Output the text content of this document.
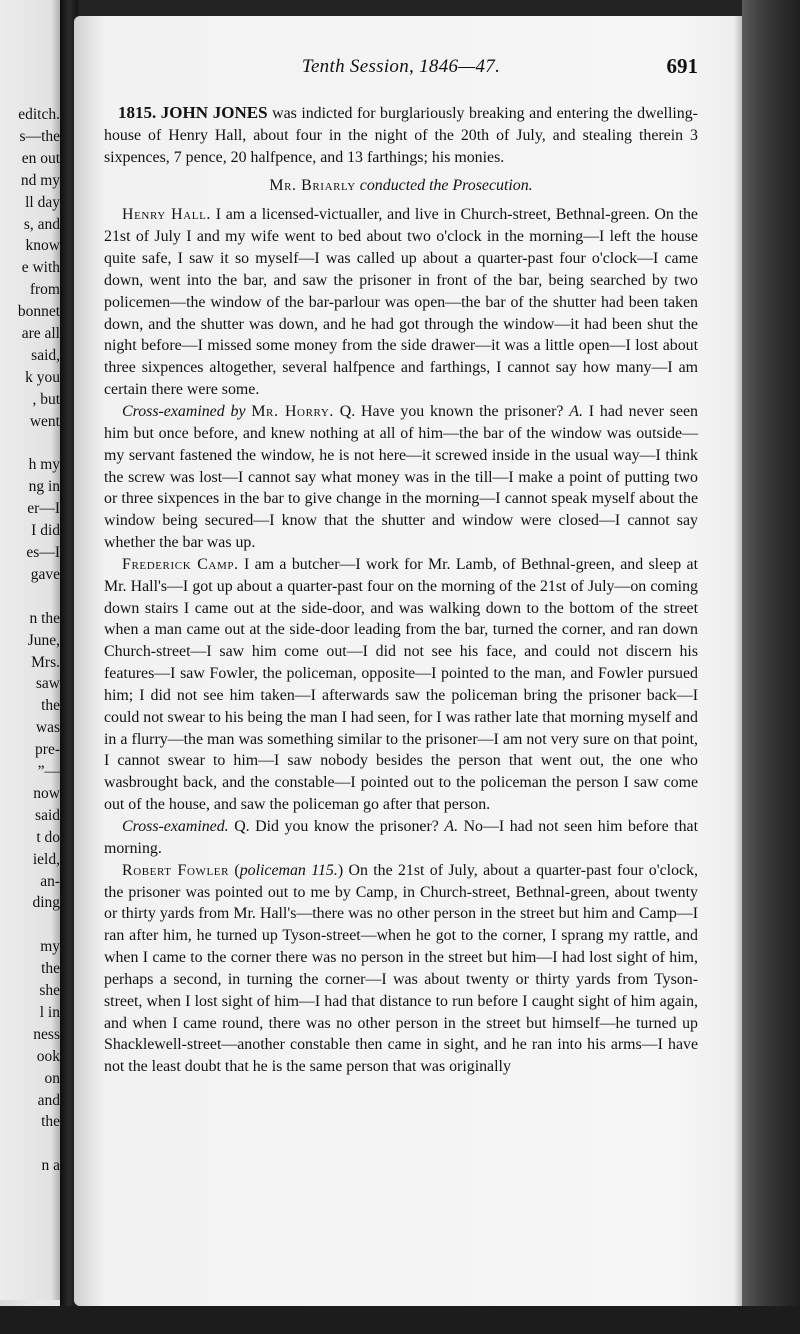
editch.
s—the
en out
nd my
ll day
s, and
know
e with
from
bonnet
are all
said,
k you
, but
went
h my
ng in
er—I
I did
es—I
gave
n the
June,
Mrs.
saw
the
was
pre-
”—
now
said
t do
ield,
an-
ding
my
the
she
l in
ness
ook
on
and
the
n a
Tenth Session, 1846—47.	691

1815. JOHN JONES was indicted for burglariously breaking and entering the dwelling-house of Henry Hall, about four in the night of the 20th of July, and stealing therein 3 sixpences, 7 pence, 20 halfpence, and 13 farthings; his monies.

Mr. Briarly conducted the Prosecution.

Henry Hall. I am a licensed-victualler, and live in Church-street, Bethnal-green. On the 21st of July I and my wife went to bed about two o'clock in the morning—I left the house quite safe, I saw it so myself—I was called up about a quarter-past four o'clock—I came down, went into the bar, and saw the prisoner in front of the bar, being searched by two policemen—the window of the bar-parlour was open—the bar of the shutter had been taken down, and the shutter was down, and he had got through the window—it had been shut the night before—I missed some money from the side drawer—it was a little open—I lost about three sixpences altogether, several halfpence and farthings, I cannot say how many—I am certain there were some.

Cross-examined by Mr. Horry. Q. Have you known the prisoner? A. I had never seen him but once before, and knew nothing at all of him—the bar of the window was outside—my servant fastened the window, he is not here—it screwed inside in the usual way—I think the screw was lost—I cannot say what money was in the till—I make a point of putting two or three sixpences in the bar to give change in the morning—I cannot speak myself about the window being secured—I know that the shutter and window were closed—I cannot say whether the bar was up.

Frederick Camp. I am a butcher—I work for Mr. Lamb, of Bethnal-green, and sleep at Mr. Hall's—I got up about a quarter-past four on the morning of the 21st of July—on coming down stairs I came out at the side-door, and was walking down to the bottom of the street when a man came out at the side-door leading from the bar, turned the corner, and ran down Church-street—I saw him come out—I did not see his face, and could not discern his features—I saw Fowler, the policeman, opposite—I pointed to the man, and Fowler pursued him; I did not see him taken—I afterwards saw the policeman bring the prisoner back—I could not swear to his being the man I had seen, for I was rather late that morning myself and in a flurry—the man was something similar to the prisoner—I am not very sure on that point, I cannot swear to him—I saw nobody besides the person that went out, the one who wasbrought back, and the constable—I pointed out to the policeman the person I saw come out of the house, and saw the policeman go after that person.

Cross-examined. Q. Did you know the prisoner? A. No—I had not seen him before that morning.

Robert Fowler (policeman 115.) On the 21st of July, about a quarter-past four o'clock, the prisoner was pointed out to me by Camp, in Church-street, Bethnal-green, about twenty or thirty yards from Mr. Hall's—there was no other person in the street but him and Camp—I ran after him, he turned up Tyson-street—when he got to the corner, I sprang my rattle, and when I came to the corner there was no person in the street but him—I had lost sight of him, perhaps a second, in turning the corner—I was about twenty or thirty yards from Tyson-street, when I lost sight of him—I had that distance to run before I caught sight of him again, and when I came round, there was no other person in the street but himself—he turned up Shacklewell-street—another constable then came in sight, and he ran into his arms—I have not the least doubt that he is the same person that was originally
